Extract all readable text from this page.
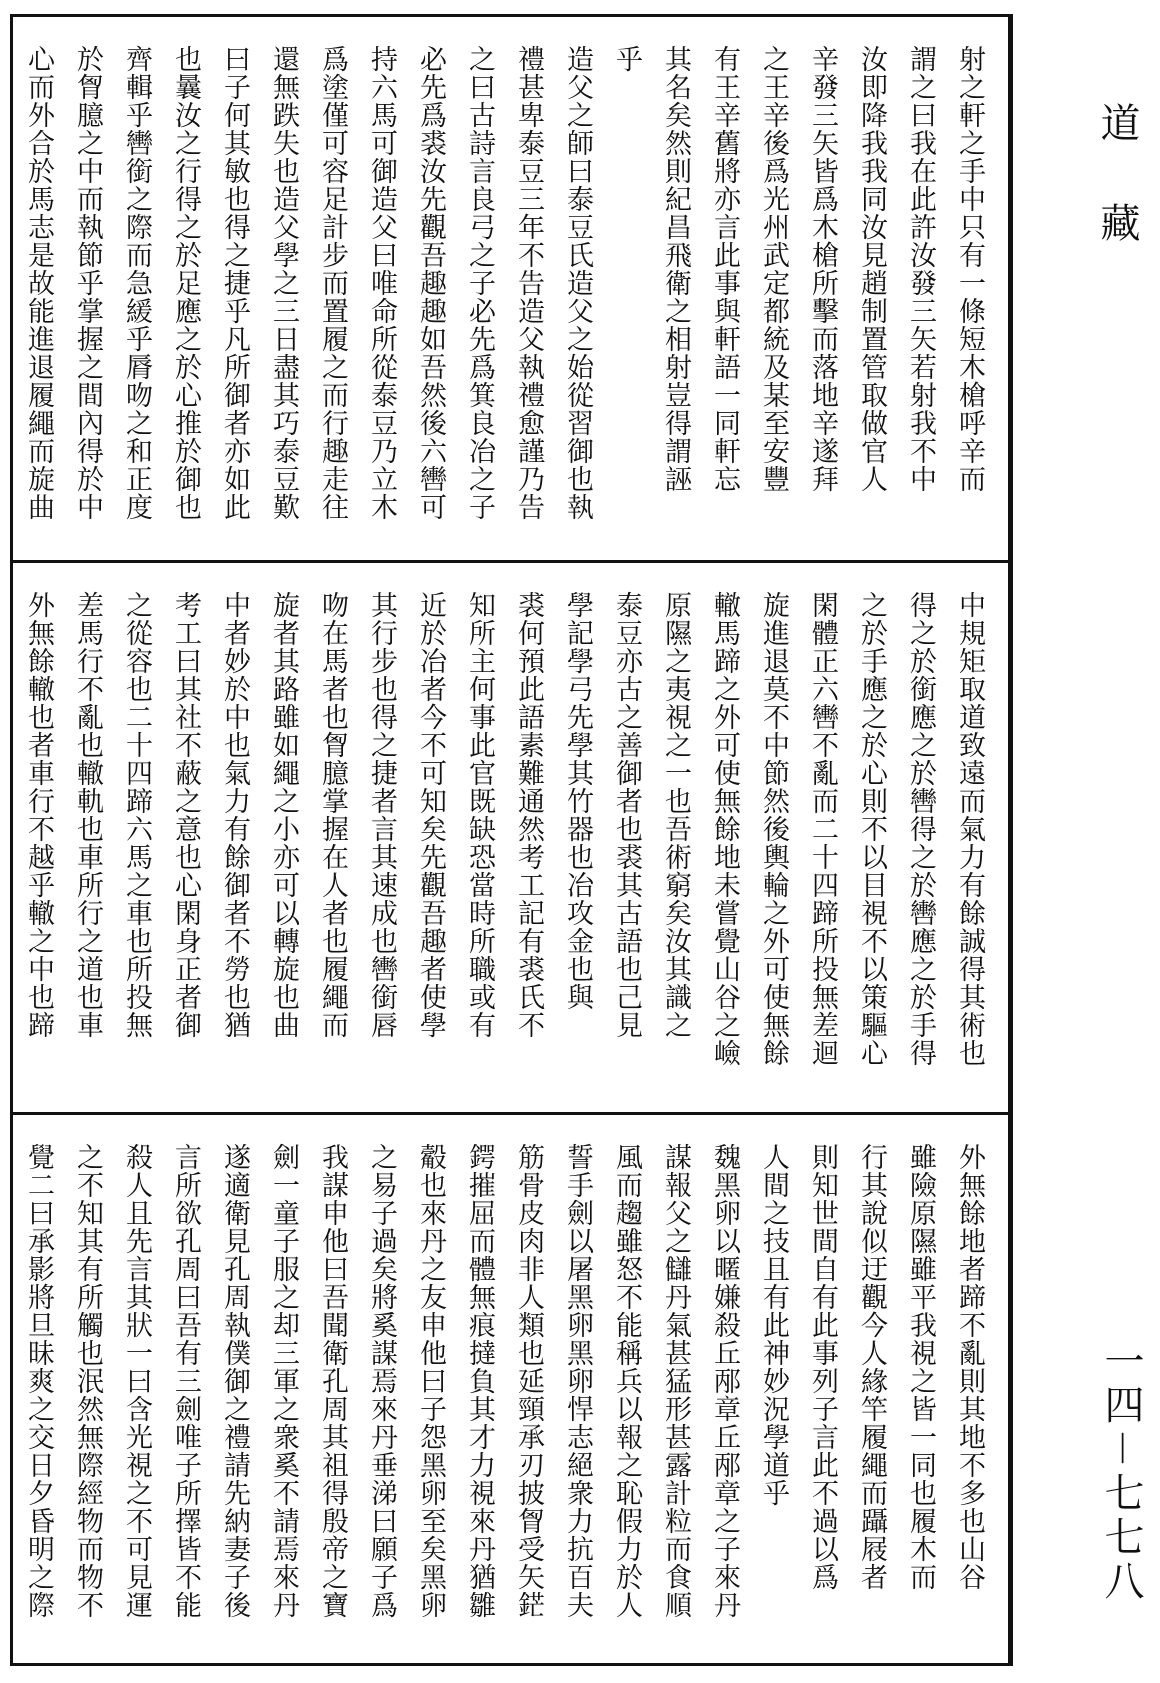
射之軒之手中只有一條短木槍呼辛而
謂之曰我在此許汝發三矢若射我不中
汝即降我我同汝見趙制置管取做官人
辛發三矢皆爲木槍所擊而落地辛遂拜
之王辛後爲光州武定都統及某至安豐
有王辛舊將亦言此事與軒語一同軒忘
其名矣然則紀昌飛衛之相射豈得謂誣
乎
造父之師曰泰豆氏造父之始從習御也執
禮甚卑泰豆三年不告造父執禮愈謹乃告
之曰古詩言良弓之子必先爲箕良冶之子
必先爲裘汝先觀吾趣趣如吾然後六轡可
持六馬可御造父曰唯命所從泰豆乃立木
爲塗僅可容足計步而置履之而行趣走往
還無跌失也造父學之三日盡其巧泰豆歎
曰子何其敏也得之捷乎凡所御者亦如此
也曩汝之行得之於足應之於心推於御也
齊輯乎轡銜之際而急緩乎脣吻之和正度
於胷臆之中而執節乎掌握之間內得於中
心而外合於馬志是故能進退履繩而旋曲
中規矩取道致遠而氣力有餘誠得其術也
得之於銜應之於轡得之於轡應之於手得
之於手應之於心則不以目視不以策驅心
閑體正六轡不亂而二十四蹄所投無差迴
旋進退莫不中節然後輿輪之外可使無餘
轍馬蹄之外可使無餘地未嘗覺山谷之嶮
原隰之夷視之一也吾術窮矣汝其識之
泰豆亦古之善御者也裘其古語也己見
學記學弓先學其竹器也冶攻金也與
裘何預此語素難通然考工記有裘氏不
知所主何事此官既缺恐當時所職或有
近於冶者今不可知矣先觀吾趣者使學
其行步也得之捷者言其速成也轡銜唇
吻在馬者也胷臆掌握在人者也履繩而
旋者其路雖如繩之小亦可以轉旋也曲
中者妙於中也氣力有餘御者不勞也猶
考工曰其社不蔽之意也心閑身正者御
之從容也二十四蹄六馬之車也所投無
差馬行不亂也轍軌也車所行之道也車
外無餘轍也者車行不越乎轍之中也蹄
外無餘地者蹄不亂則其地不多也山谷
雖險原隰雖平我視之皆一同也履木而
行其說似迂觀今人緣竿履繩而躡屐者
則知世間自有此事列子言此不過以爲
人間之技且有此神妙況學道乎
魏黑卵以暱嫌殺丘邴章丘邴章之子來丹
謀報父之讎丹氣甚猛形甚露計粒而食順
風而趨雖怒不能稱兵以報之恥假力於人
誓手劍以屠黑卵黑卵悍志絕衆力抗百夫
筋骨皮肉非人類也延頸承刃披胷受矢鋩
鍔摧屈而體無痕撻負其才力視來丹猶雛
觳也來丹之友申他曰子怨黑卵至矣黑卵
之易子過矣將奚謀焉來丹垂涕曰願子爲
我謀申他曰吾聞衛孔周其祖得殷帝之寶
劍一童子服之却三軍之衆奚不請焉來丹
遂適衛見孔周執僕御之禮請先納妻子後
言所欲孔周曰吾有三劍唯子所擇皆不能
殺人且先言其狀一曰含光視之不可見運
之不知其有所觸也泯然無際經物而物不
覺二曰承影將旦昧爽之交日夕昏明之際
道藏
一四－七七八
